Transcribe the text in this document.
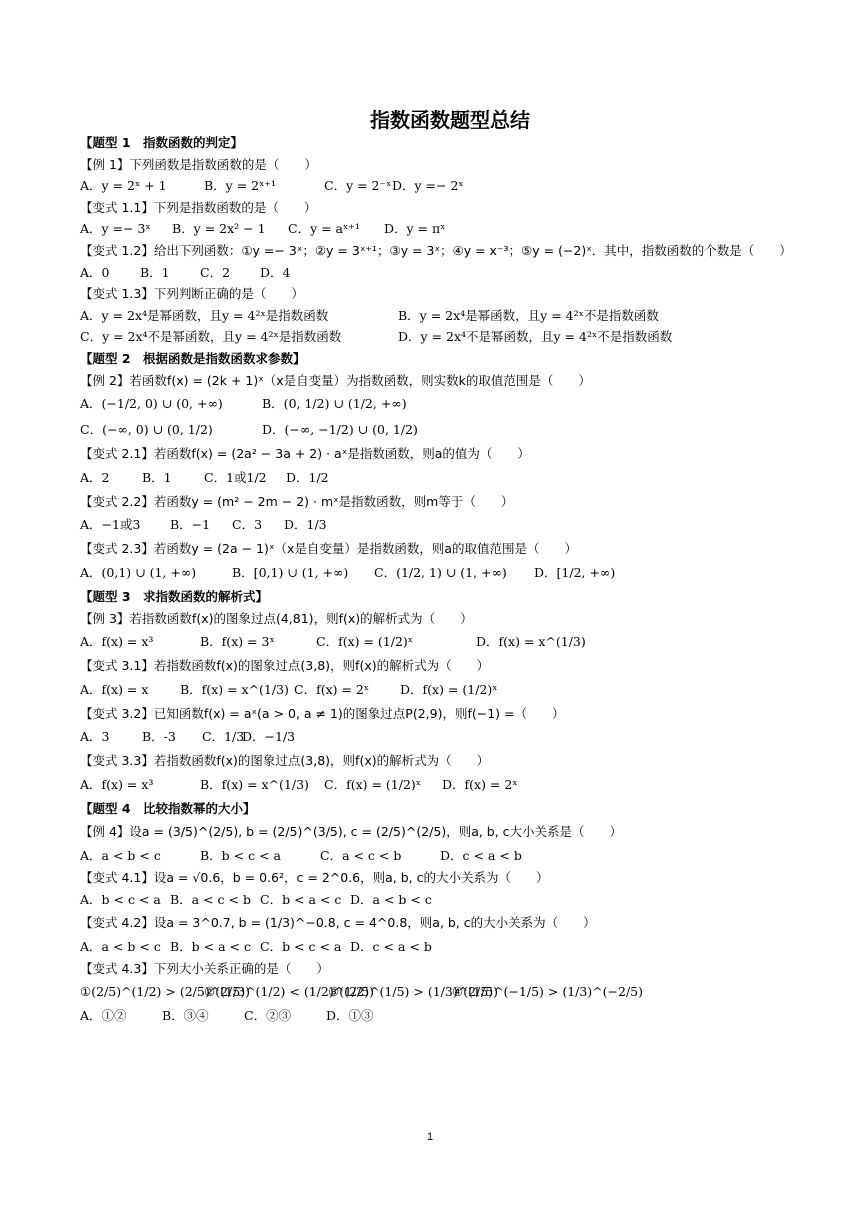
指数函数题型总结
【题型 1　指数函数的判定】
【例 1】下列函数是指数函数的是（　　）
A．y = 2ˣ + 1	B．y = 2ˣ⁺¹	C．y = 2⁻ˣ D．y =− 2ˣ
【变式 1.1】下列是指数函数的是（　　）
A．y =− 3ˣ	B．y = 2x² − 1	C．y = aˣ⁺¹	D．y = πˣ
【变式 1.2】给出下列函数：①y =− 3ˣ；②y = 3ˣ⁺¹；③y = 3ˣ；④y = x⁻³；⑤y = (−2)ˣ．其中，指数函数的个数是（　　）
A．0	B．1	C．2	D．4
【变式 1.3】下列判断正确的是（　　）
A．y = 2x⁴是幂函数，且y = 4²ˣ是指数函数	B．y = 2x⁴是幂函数，且y = 4²ˣ不是指数函数
C．y = 2x⁴不是幂函数，且y = 4²ˣ是指数函数	D．y = 2x⁴不是幂函数，且y = 4²ˣ不是指数函数
【题型 2　根据函数是指数函数求参数】
【例 2】若函数f(x) = (2k + 1)ˣ（x是自变量）为指数函数，则实数k的取值范围是（　　）
A．(−1/2, 0) ∪ (0, +∞)	B．(0, 1/2) ∪ (1/2, +∞)
C．(−∞, 0) ∪ (0, 1/2)	D．(−∞, −1/2) ∪ (0, 1/2)
【变式 2.1】若函数f(x) = (2a² − 3a + 2) · aˣ是指数函数，则a的值为（　　）
A．2	B．1	C．1或1/2	D．1/2
【变式 2.2】若函数y = (m² − 2m − 2) · mˣ是指数函数，则m等于（　　）
A．−1或3	B．−1	C．3	D．1/3
【变式 2.3】若函数y = (2a − 1)ˣ（x是自变量）是指数函数，则a的取值范围是（　　）
A．(0,1) ∪ (1, +∞)	B．[0,1) ∪ (1, +∞)	C．(1/2, 1) ∪ (1, +∞)	D．[1/2, +∞)
【题型 3　求指数函数的解析式】
【例 3】若指数函数f(x)的图象过点(4,81)，则f(x)的解析式为（　　）
A．f(x) = x³	B．f(x) = 3ˣ	C．f(x) = (1/2)ˣ	D．f(x) = x^(1/3)
【变式 3.1】若指数函数f(x)的图象过点(3,8)，则f(x)的解析式为（　　）
A．f(x) = x	B．f(x) = x^(1/3) C．f(x) = 2ˣ	D．f(x) = (1/2)ˣ
【变式 3.2】已知函数f(x) = aˣ(a > 0, a ≠ 1)的图象过点P(2,9)，则f(−1) =（　　）
A．3	B．-3	C．1/3
D．−1/3
【变式 3.3】若指数函数f(x)的图象过点(3,8)，则f(x)的解析式为（　　）
A．f(x) = x³	B．f(x) = x^(1/3)	C．f(x) = (1/2)ˣ	D．f(x) = 2ˣ
【题型 4　比较指数幂的大小】
【例 4】设a = (3/5)^(2/5), b = (2/5)^(3/5), c = (2/5)^(2/5)，则a, b, c大小关系是（　　）
A．a < b < c	B．b < c < a	C．a < c < b	D．c < a < b
【变式 4.1】设a = √0.6，b = 0.6²，c = 2^0.6，则a, b, c的大小关系为（　　）
A．b < c < a B．a < c < b C．b < a < c D．a < b < c
【变式 4.2】设a = 3^0.7, b = (1/3)^−0.8, c = 4^0.8，则a, b, c的大小关系为（　　）
A．a < b < c B．b < a < c C．b < c < a D．c < a < b
【变式 4.3】下列大小关系正确的是（　　）
①(2/5)^(1/2) > (2/5)^(1/3)
②(2/5)^(1/2) < (1/2)^(2/5)
③(1/2)^(1/5) > (1/3)^(1/5)
④(2/5)^(−1/5) > (1/3)^(−2/5)
A．①②	B．③④	C．②③	D．①③
1
